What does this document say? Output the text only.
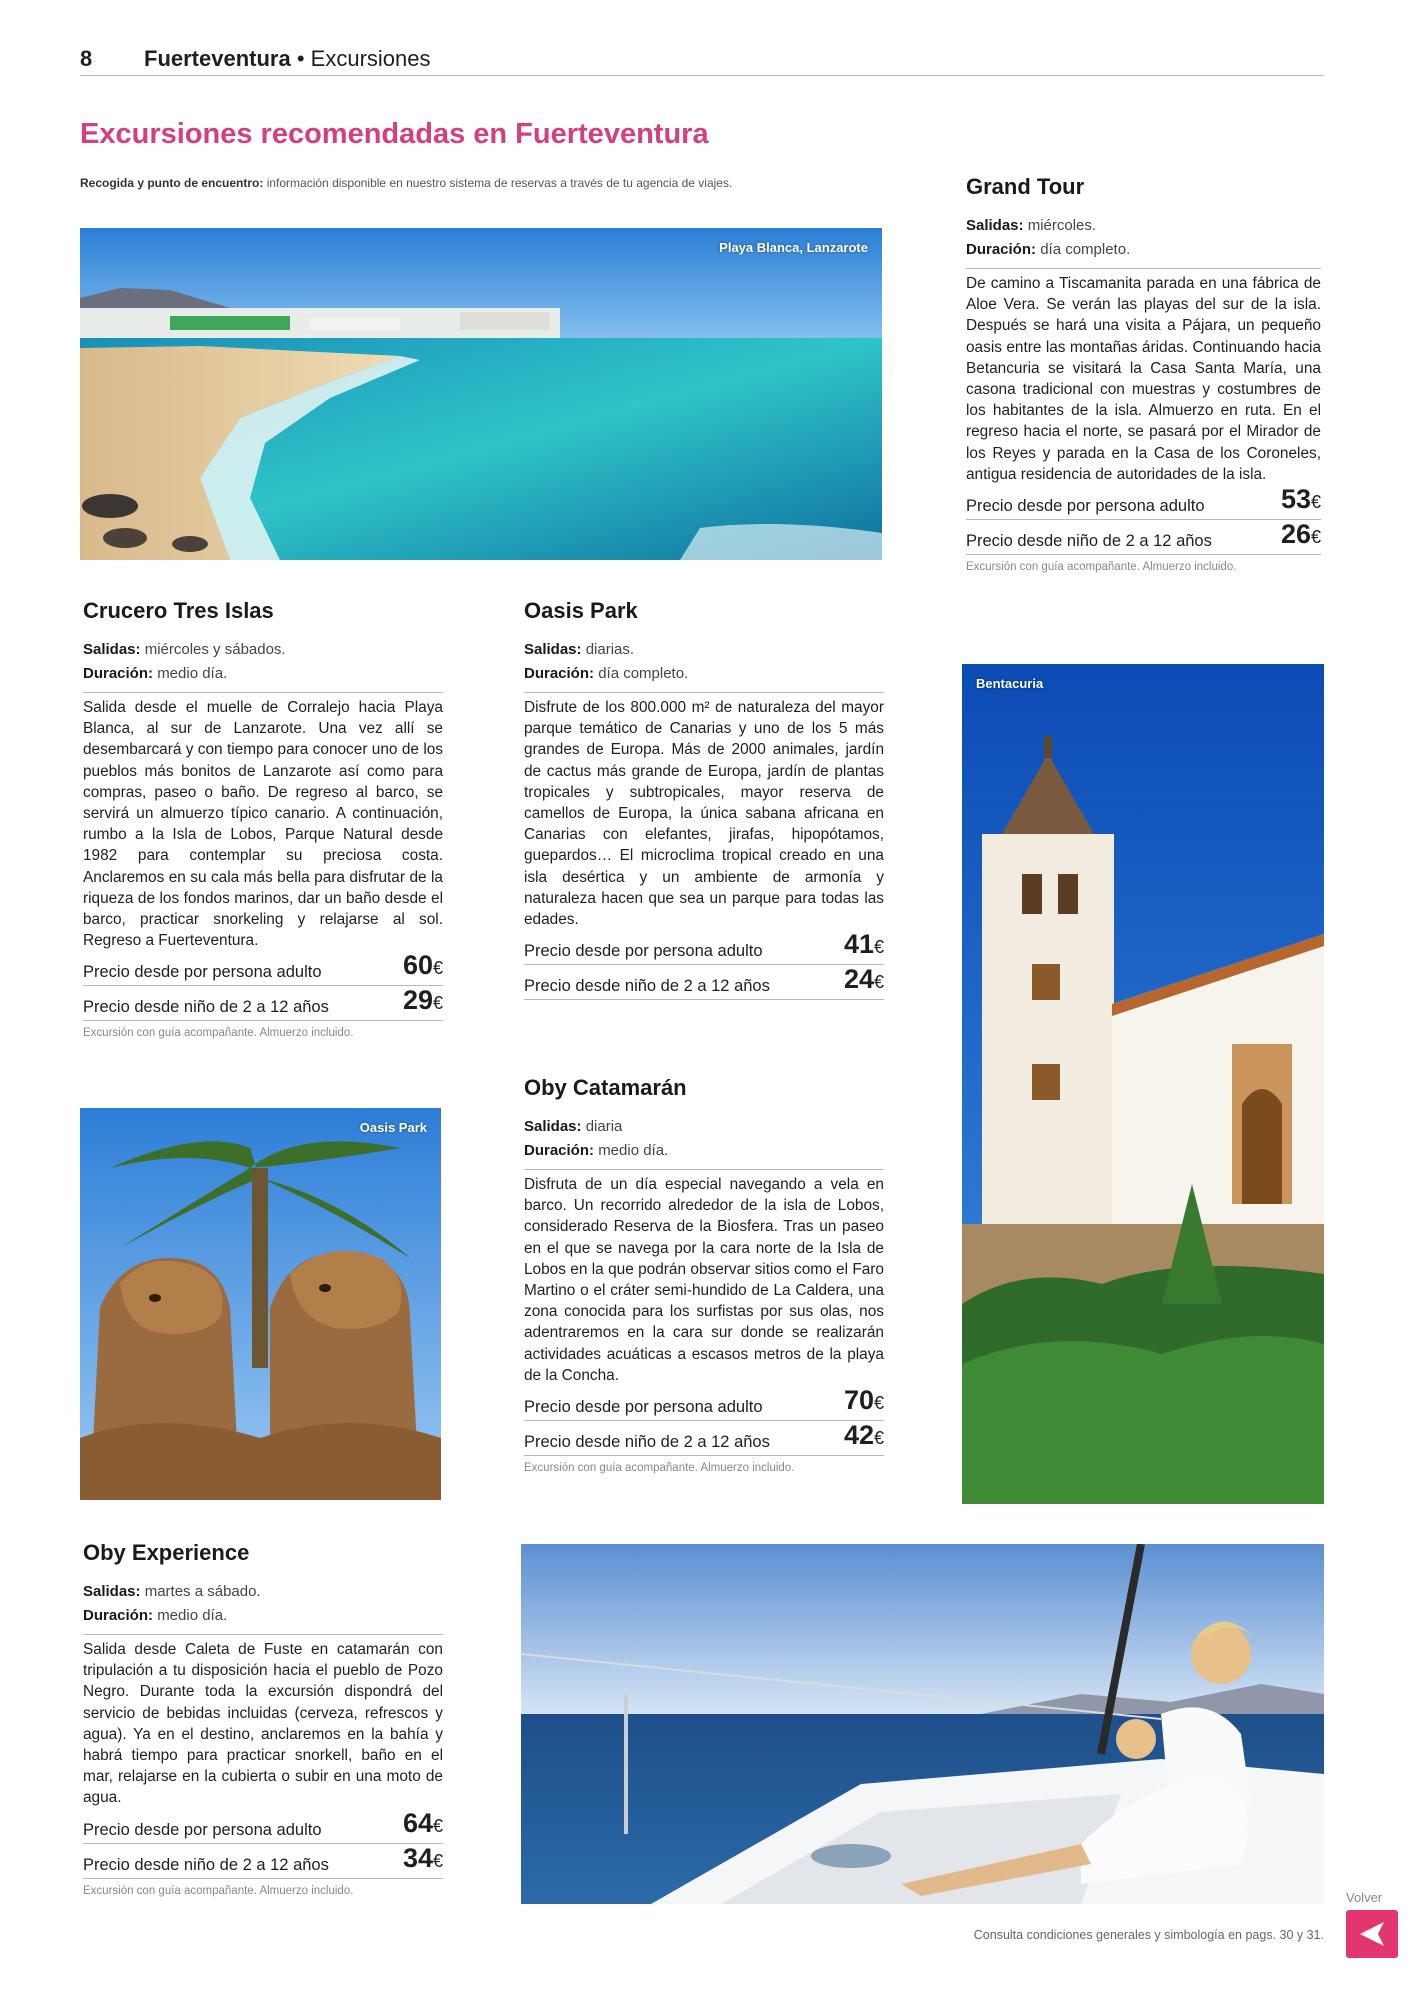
8 Fuerteventura • Excursiones
Excursiones recomendadas en Fuerteventura
Recogida y punto de encuentro: información disponible en nuestro sistema de reservas a través de tu agencia de viajes.
Playa Blanca, Lanzarote
Crucero Tres Islas
Salidas: miércoles y sábados.
Duración: medio día.
Salida desde el muelle de Corralejo hacia Playa Blanca, al sur de Lanzarote. Una vez allí se desembarcará y con tiempo para conocer uno de los pueblos más bonitos de Lanzarote así como para compras, paseo o baño. De regreso al barco, se servirá un almuerzo típico canario. A continuación, rumbo a la Isla de Lobos, Parque Natural desde 1982 para contemplar su preciosa costa. Anclaremos en su cala más bella para disfrutar de la riqueza de los fondos marinos, dar un baño desde el barco, practicar snorkeling y relajarse al sol. Regreso a Fuerteventura.
Precio desde por persona adulto	60€
Precio desde niño de 2 a 12 años	29€
Excursión con guía acompañante. Almuerzo incluido.
Oasis Park
Salidas: diarias.
Duración: día completo.
Disfrute de los 800.000 m² de naturaleza del mayor parque temático de Canarias y uno de los 5 más grandes de Europa. Más de 2000 animales, jardín de cactus más grande de Europa, jardín de plantas tropicales y subtropicales, mayor reserva de camellos de Europa, la única sabana africana en Canarias con elefantes, jirafas, hipopótamos, guepardos… El microclima tropical creado en una isla desértica y un ambiente de armonía y naturaleza hacen que sea un parque para todas las edades.
Precio desde por persona adulto	41€
Precio desde niño de 2 a 12 años	24€
Grand Tour
Salidas: miércoles.
Duración: día completo.
De camino a Tiscamanita parada en una fábrica de Aloe Vera. Se verán las playas del sur de la isla. Después se hará una visita a Pájara, un pequeño oasis entre las montañas áridas. Continuando hacia Betancuria se visitará la Casa Santa María, una casona tradicional con muestras y costumbres de los habitantes de la isla. Almuerzo en ruta. En el regreso hacia el norte, se pasará por el Mirador de los Reyes y parada en la Casa de los Coroneles, antigua residencia de autoridades de la isla.
Precio desde por persona adulto	53€
Precio desde niño de 2 a 12 años	26€
Excursión con guía acompañante. Almuerzo incluido.
Bentacuria
Oasis Park
Oby Catamarán
Salidas: diaria
Duración: medio día.
Disfruta de un día especial navegando a vela en barco. Un recorrido alrededor de la isla de Lobos, considerado Reserva de la Biosfera. Tras un paseo en el que se navega por la cara norte de la Isla de Lobos en la que podrán observar sitios como el Faro Martino o el cráter semi-hundido de La Caldera, una zona conocida para los surfistas por sus olas, nos adentraremos en la cara sur donde se realizarán actividades acuáticas a escasos metros de la playa de la Concha.
Precio desde por persona adulto	70€
Precio desde niño de 2 a 12 años	42€
Excursión con guía acompañante. Almuerzo incluido.
Oby Experience
Salidas: martes a sábado.
Duración: medio día.
Salida desde Caleta de Fuste en catamarán con tripulación a tu disposición hacia el pueblo de Pozo Negro. Durante toda la excursión dispondrá del servicio de bebidas incluidas (cerveza, refrescos y agua). Ya en el destino, anclaremos en la bahía y habrá tiempo para practicar snorkell, baño en el mar, relajarse en la cubierta o subir en una moto de agua.
Precio desde por persona adulto	64€
Precio desde niño de 2 a 12 años	34€
Excursión con guía acompañante. Almuerzo incluido.
Consulta condiciones generales y simbología en pags. 30 y 31.
Volver
